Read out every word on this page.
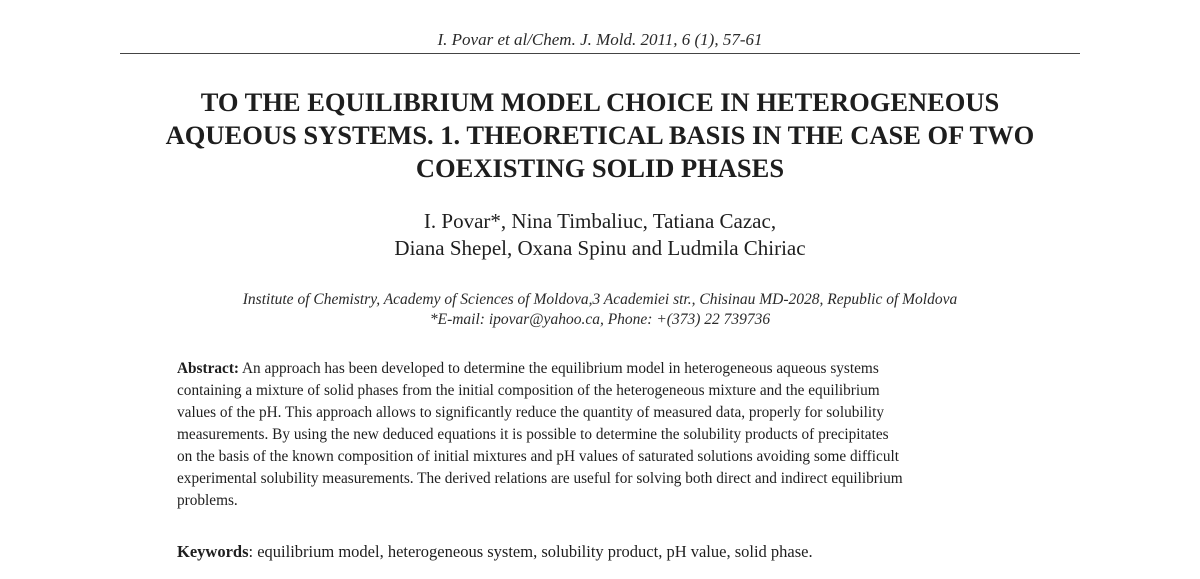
I. Povar et al/Chem. J. Mold. 2011, 6 (1), 57-61
TO THE EQUILIBRIUM MODEL CHOICE IN HETEROGENEOUS
AQUEOUS SYSTEMS. 1. THEORETICAL BASIS IN THE CASE OF TWO
COEXISTING SOLID PHASES
I. Povar*, Nina Timbaliuc, Tatiana Cazac,
Diana Shepel, Oxana Spinu and Ludmila Chiriac
Institute of Chemistry, Academy of Sciences of Moldova,3 Academiei str., Chisinau MD-2028, Republic of Moldova
*E-mail: ipovar@yahoo.ca, Phone: +(373) 22 739736
Abstract: An approach has been developed to determine the equilibrium model in heterogeneous aqueous systems
containing a mixture of solid phases from the initial composition of the heterogeneous mixture and the equilibrium
values of the pH. This approach allows to significantly reduce the quantity of measured data, properly for solubility
measurements. By using the new deduced equations it is possible to determine the solubility products of precipitates
on the basis of the known composition of initial mixtures and pH values of saturated solutions avoiding some difficult
experimental solubility measurements. The derived relations are useful for solving both direct and indirect equilibrium
problems.
Keywords: equilibrium model, heterogeneous system, solubility product, pH value, solid phase.
